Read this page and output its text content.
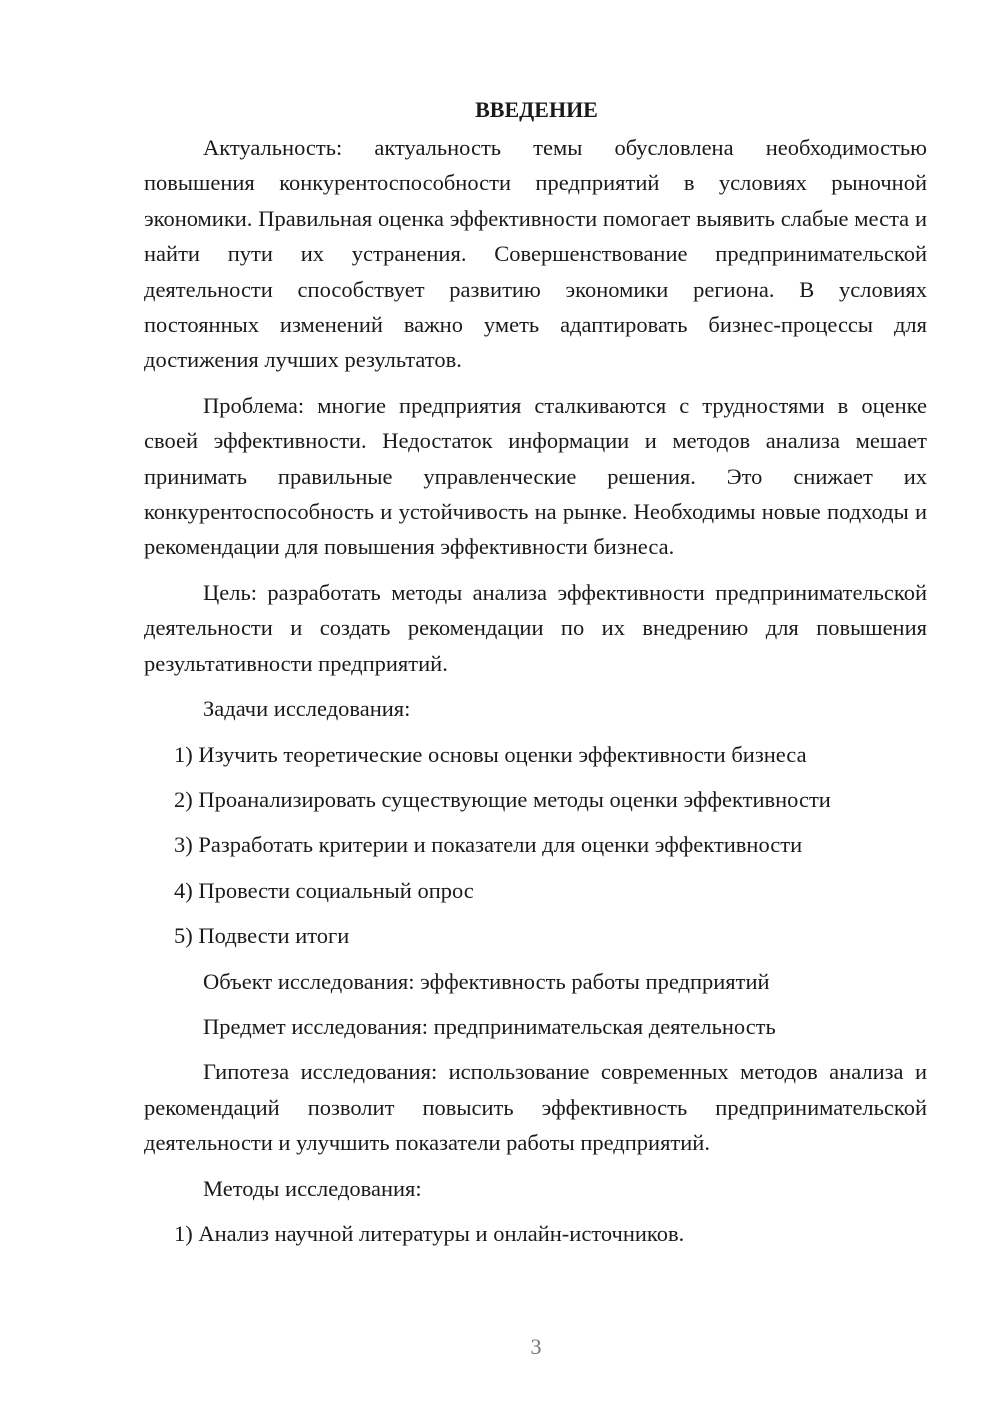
ВВЕДЕНИЕ

Актуальность: актуальность темы обусловлена необходимостью повышения конкурентоспособности предприятий в условиях рыночной экономики. Правильная оценка эффективности помогает выявить слабые места и найти пути их устранения. Совершенствование предпринимательской деятельности способствует развитию экономики региона. В условиях постоянных изменений важно уметь адаптировать бизнес-процессы для достижения лучших результатов.

Проблема: многие предприятия сталкиваются с трудностями в оценке своей эффективности. Недостаток информации и методов анализа мешает принимать правильные управленческие решения. Это снижает их конкурентоспособность и устойчивость на рынке. Необходимы новые подходы и рекомендации для повышения эффективности бизнеса.

Цель: разработать методы анализа эффективности предпринимательской деятельности и создать рекомендации по их внедрению для повышения результативности предприятий.

Задачи исследования:

1) Изучить теоретические основы оценки эффективности бизнеса

2) Проанализировать существующие методы оценки эффективности

3) Разработать критерии и показатели для оценки эффективности

4) Провести социальный опрос

5) Подвести итоги

Объект исследования: эффективность работы предприятий

Предмет исследования: предпринимательская деятельность

Гипотеза исследования: использование современных методов анализа и рекомендаций позволит повысить эффективность предпринимательской деятельности и улучшить показатели работы предприятий.

Методы исследования:

1) Анализ научной литературы и онлайн-источников.

3
